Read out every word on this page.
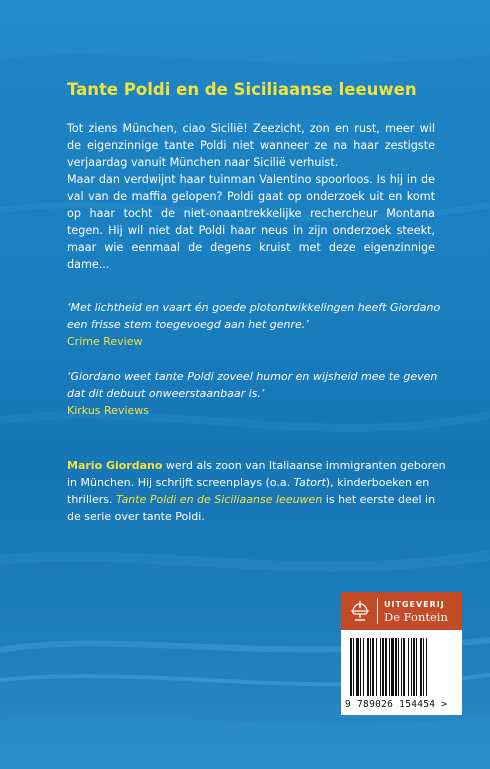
Tante Poldi en de Siciliaanse leeuwen

Tot ziens München, ciao Sicilië! Zeezicht, zon en rust, meer wil de eigenzinnige tante Poldi niet wanneer ze na haar zestigste verjaardag vanuit München naar Sicilië verhuist.

Maar dan verdwijnt haar tuinman Valentino spoorloos. Is hij in de val van de maffia gelopen? Poldi gaat op onderzoek uit en komt op haar tocht de niet-onaantrekkelijke rechercheur Montana tegen. Hij wil niet dat Poldi haar neus in zijn onderzoek steekt, maar wie eenmaal de degens kruist met deze eigenzinnige dame...

‘Met lichtheid en vaart én goede plotontwikkelingen heeft Giordano een frisse stem toegevoegd aan het genre.’

Crime Review

‘Giordano weet tante Poldi zoveel humor en wijsheid mee te geven dat dit debuut onweerstaanbaar is.’

Kirkus Reviews

Mario Giordano werd als zoon van Italiaanse immigranten geboren in München. Hij schrijft screenplays (o.a. Tatort), kinderboeken en thrillers. Tante Poldi en de Siciliaanse leeuwen is het eerste deel in de serie over tante Poldi.
UITGEVERIJ
De Fontein
9 789026 154454 >
